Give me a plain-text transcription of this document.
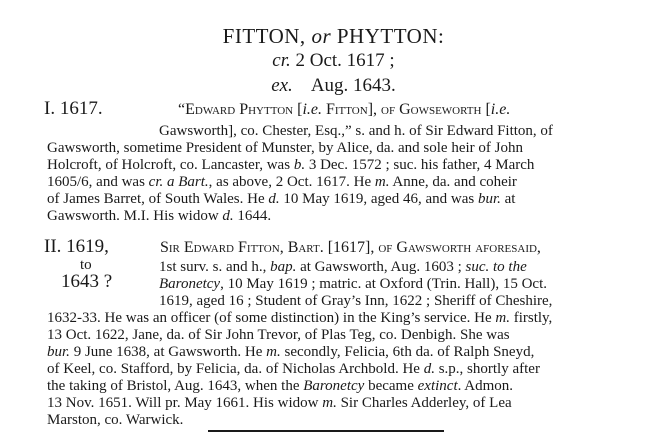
FITTON, or PHYTTON:
cr. 2 Oct. 1617 ;
ex. Aug. 1643.
I. 1617.	“Edward Phytton [i.e. Fitton], of Gowseworth [i.e.
Gawsworth], co. Chester, Esq.,” s. and h. of Sir Edward Fitton, of
Gawsworth, sometime President of Munster, by Alice, da. and sole heir of John
Holcroft, of Holcroft, co. Lancaster, was b. 3 Dec. 1572 ; suc. his father, 4 March
1605/6, and was cr. a Bart., as above, 2 Oct. 1617. He m. Anne, da. and coheir
of James Barret, of South Wales. He d. 10 May 1619, aged 46, and was bur. at
Gawsworth. M.I. His widow d. 1644.
II. 1619,
to
1643 ?
Sir Edward Fitton, Bart. [1617], of Gawsworth aforesaid,
1st surv. s. and h., bap. at Gawsworth, Aug. 1603 ; suc. to the
Baronetcy, 10 May 1619 ; matric. at Oxford (Trin. Hall), 15 Oct.
1619, aged 16 ; Student of Gray’s Inn, 1622 ; Sheriff of Cheshire,
1632-33. He was an officer (of some distinction) in the King’s service. He m. firstly,
13 Oct. 1622, Jane, da. of Sir John Trevor, of Plas Teg, co. Denbigh. She was
bur. 9 June 1638, at Gawsworth. He m. secondly, Felicia, 6th da. of Ralph Sneyd,
of Keel, co. Stafford, by Felicia, da. of Nicholas Archbold. He d. s.p., shortly after
the taking of Bristol, Aug. 1643, when the Baronetcy became extinct. Admon.
13 Nov. 1651. Will pr. May 1661. His widow m. Sir Charles Adderley, of Lea
Marston, co. Warwick.
